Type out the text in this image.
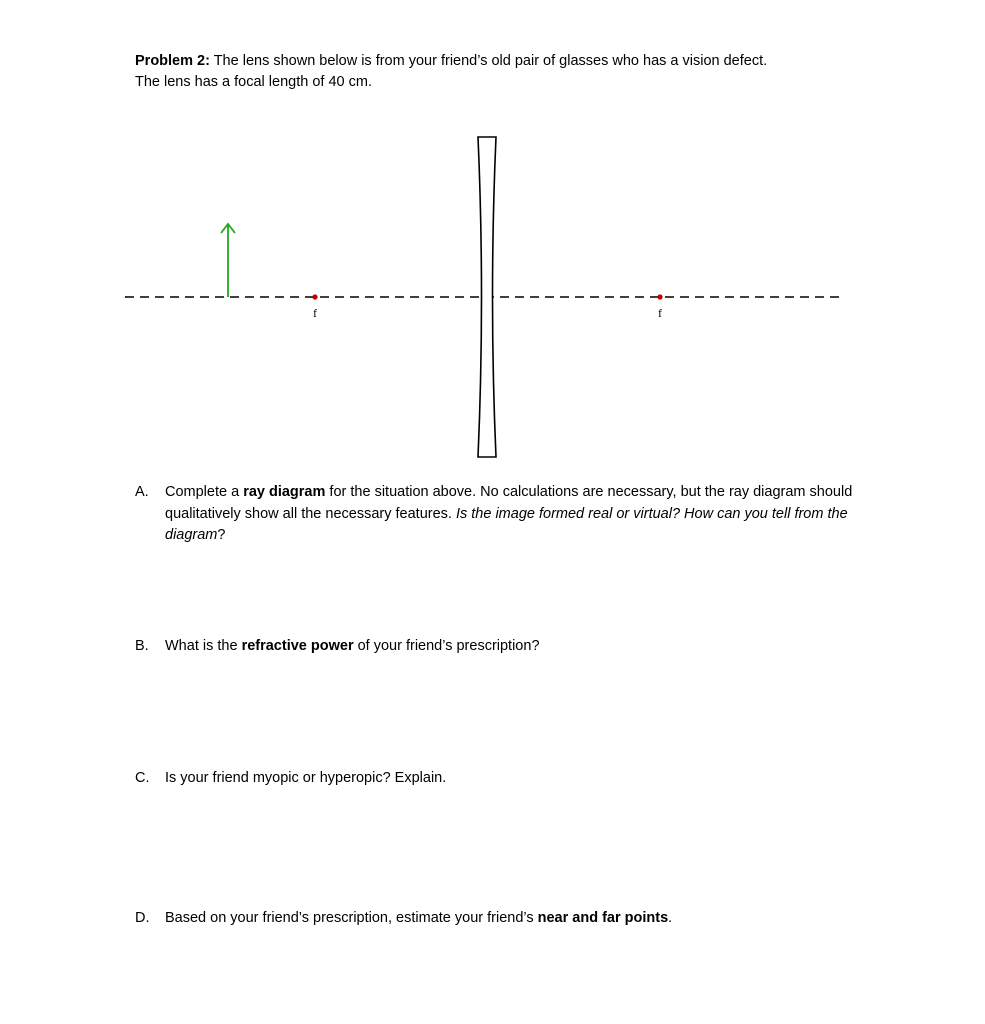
Problem 2: The lens shown below is from your friend’s old pair of glasses who has a vision defect.
The lens has a focal length of 40 cm.
f	f
A. Complete a ray diagram for the situation above. No calculations are necessary, but the ray diagram should qualitatively show all the necessary features. Is the image formed real or virtual? How can you tell from the diagram?
B. What is the refractive power of your friend’s prescription?
C. Is your friend myopic or hyperopic? Explain.
D. Based on your friend’s prescription, estimate your friend’s near and far points.
